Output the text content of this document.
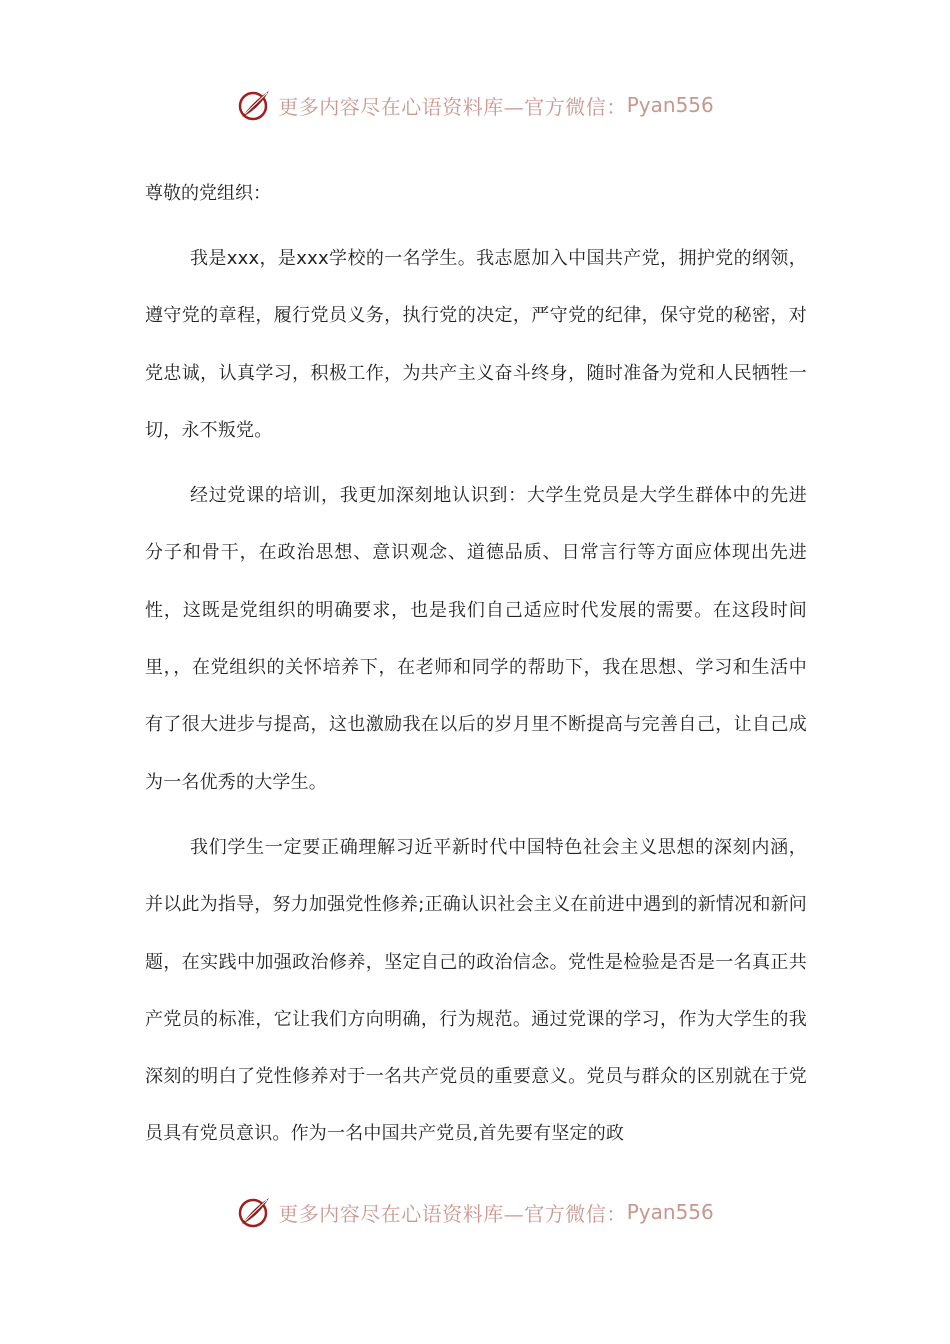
更多内容尽在心语资料库—官方微信： Pyan556
尊敬的党组织：

我是xxx，是xxx学校的一名学生。我志愿加入中国共产党，拥护党的纲领，遵守党的章程，履行党员义务，执行党的决定，严守党的纪律，保守党的秘密，对党忠诚，认真学习，积极工作，为共产主义奋斗终身，随时准备为党和人民牺牲一切，永不叛党。

经过党课的培训，我更加深刻地认识到：大学生党员是大学生群体中的先进分子和骨干，在政治思想、意识观念、道德品质、日常言行等方面应体现出先进性，这既是党组织的明确要求，也是我们自己适应时代发展的需要。在这段时间里，，在党组织的关怀培养下，在老师和同学的帮助下，我在思想、学习和生活中有了很大进步与提高，这也激励我在以后的岁月里不断提高与完善自己，让自己成为一名优秀的大学生。

我们学生一定要正确理解习近平新时代中国特色社会主义思想的深刻内涵，并以此为指导，努力加强党性修养;正确认识社会主义在前进中遇到的新情况和新问题，在实践中加强政治修养，坚定自己的政治信念。党性是检验是否是一名真正共产党员的标准，它让我们方向明确，行为规范。通过党课的学习，作为大学生的我深刻的明白了党性修养对于一名共产党员的重要意义。党员与群众的区别就在于党员具有党员意识。作为一名中国共产党员,首先要有坚定的政

更多内容尽在心语资料库—官方微信： Pyan556
